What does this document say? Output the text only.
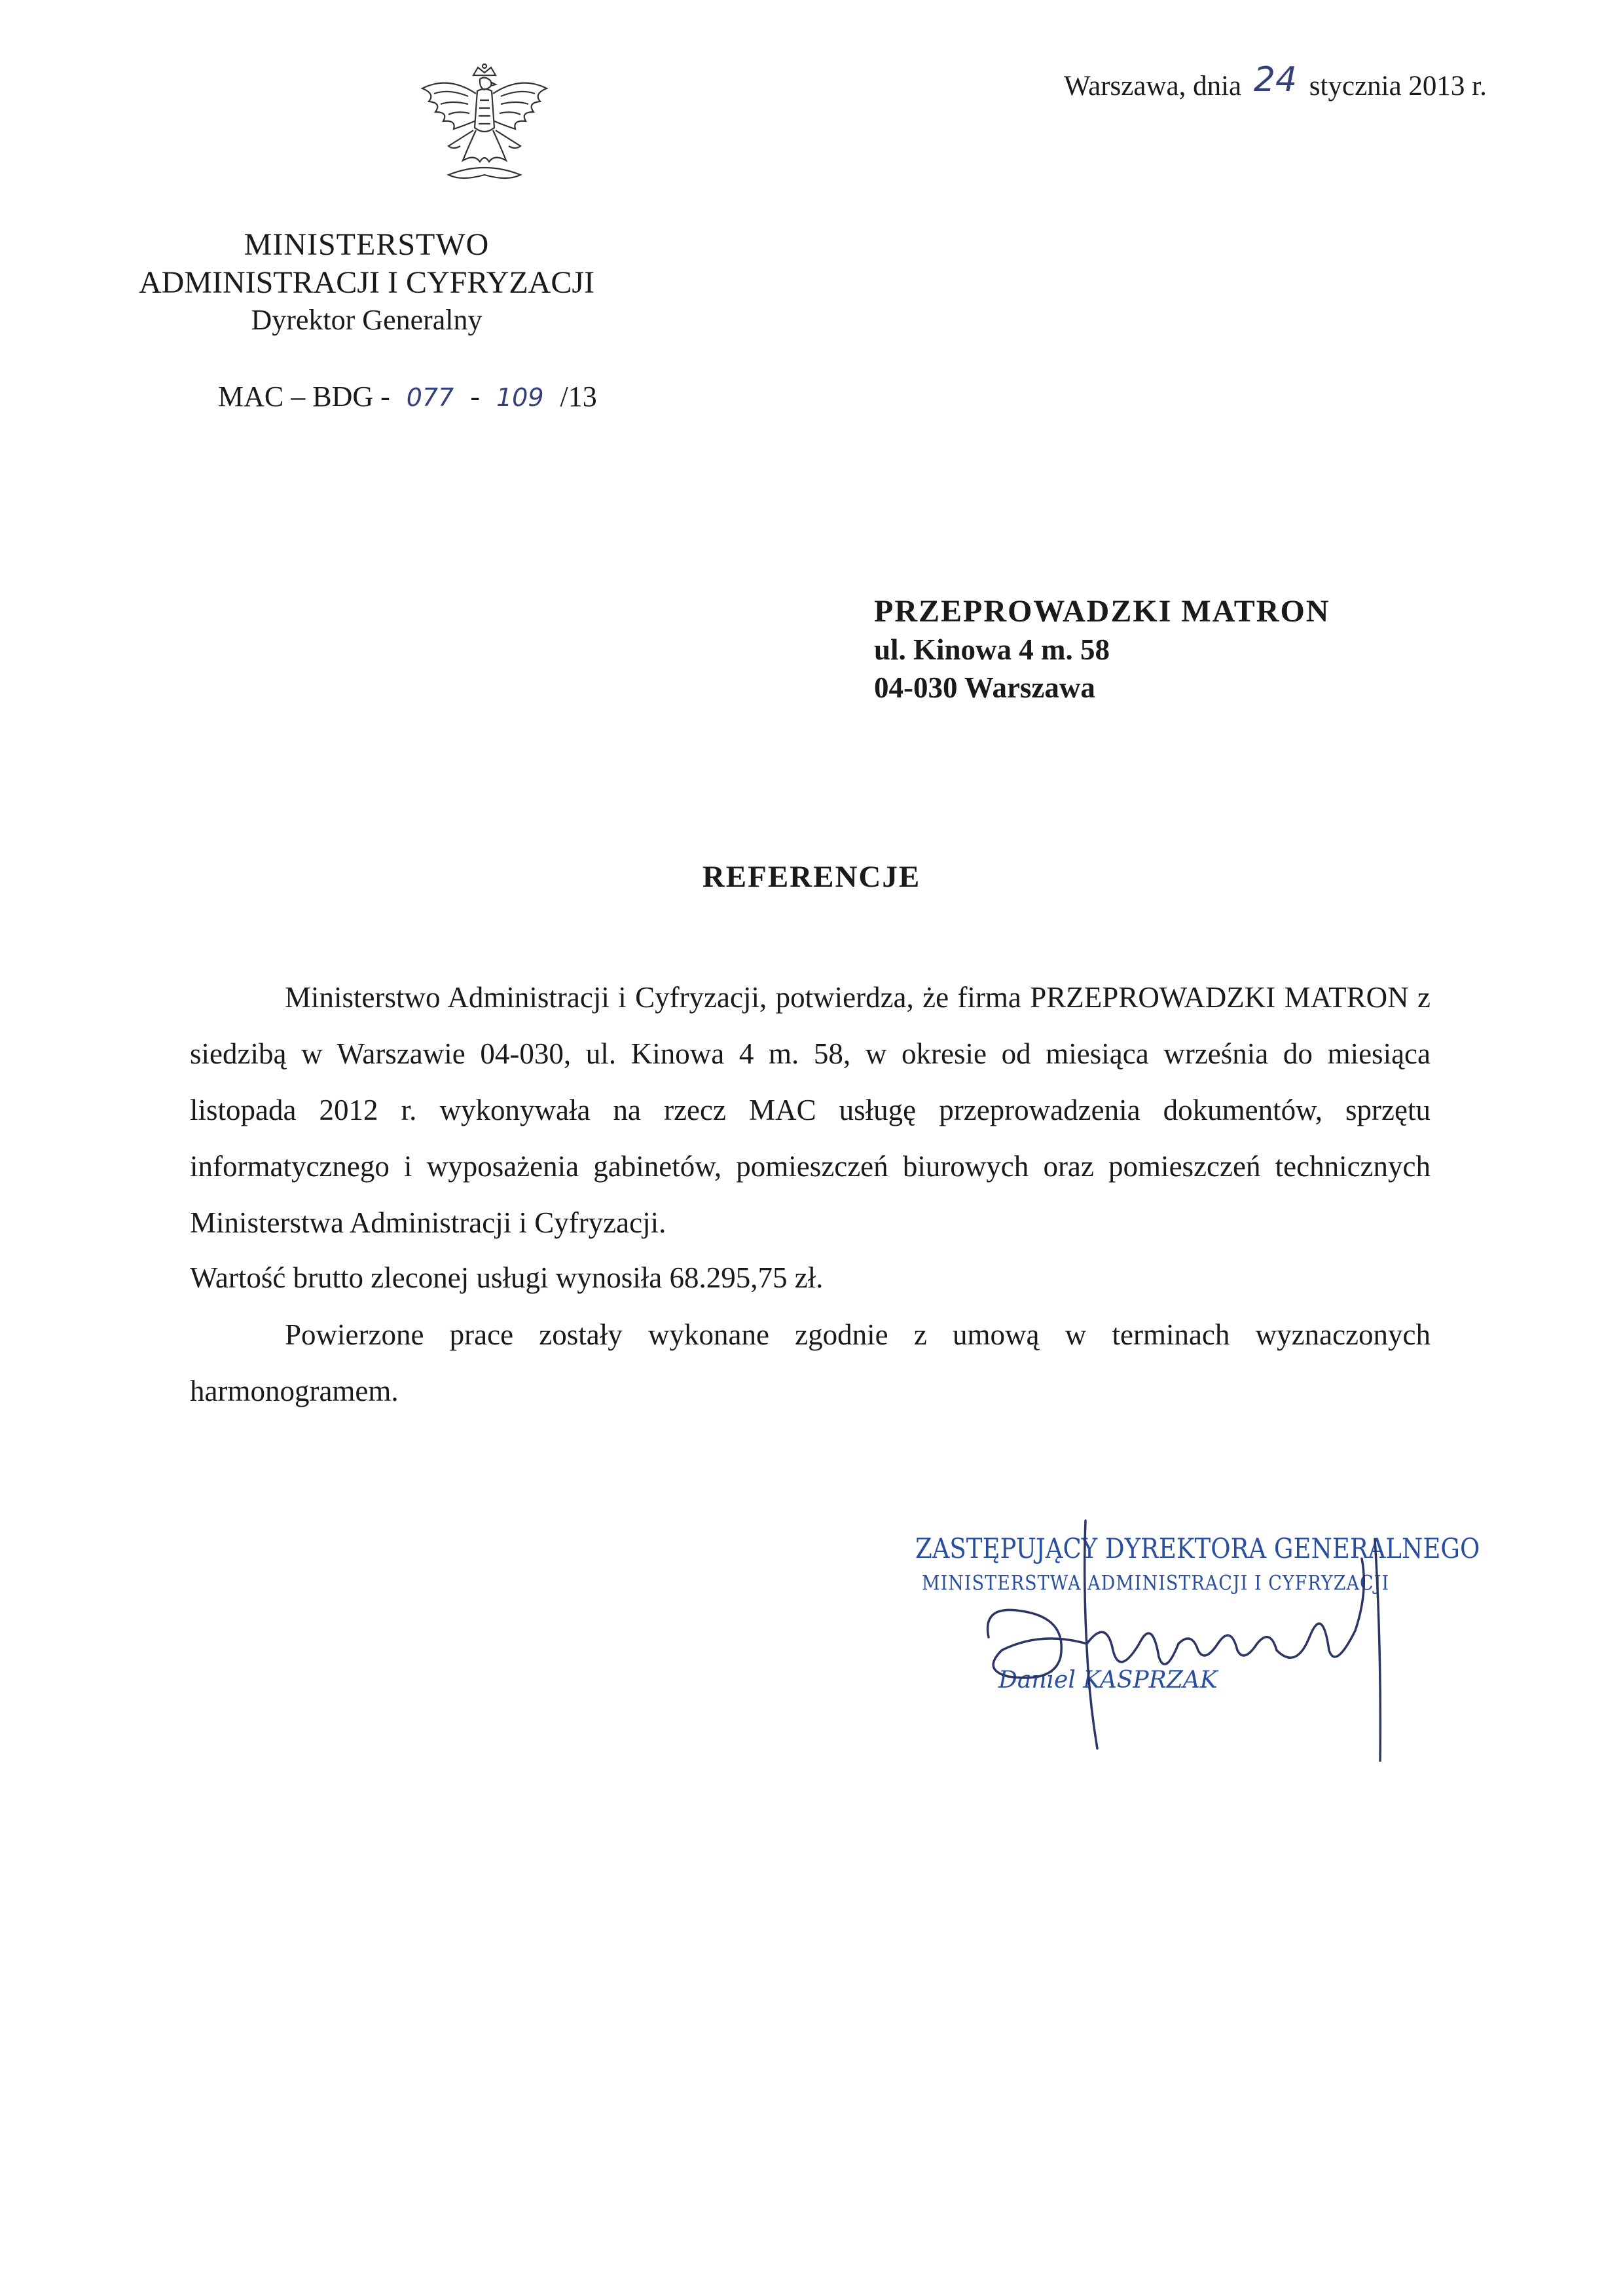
Warszawa, dnia 24 stycznia 2013 r.
MINISTERSTWO
ADMINISTRACJI I CYFRYZACJI
Dyrektor Generalny
MAC – BDG - 077 - 109 /13
PRZEPROWADZKI MATRON
ul. Kinowa 4 m. 58
04-030 Warszawa
REFERENCJE
Ministerstwo Administracji i Cyfryzacji, potwierdza, że firma PRZEPROWADZKI MATRON z siedzibą w Warszawie 04-030, ul. Kinowa 4 m. 58, w okresie od miesiąca września do miesiąca listopada 2012 r. wykonywała na rzecz MAC usługę przeprowadzenia dokumentów, sprzętu informatycznego i wyposażenia gabinetów, pomieszczeń biurowych oraz pomieszczeń technicznych Ministerstwa Administracji i Cyfryzacji.
Wartość brutto zleconej usługi wynosiła 68.295,75 zł.
Powierzone prace zostały wykonane zgodnie z umową w terminach wyznaczonych harmonogramem.
ZASTĘPUJĄCY DYREKTORA GENERALNEGO
MINISTERSTWA ADMINISTRACJI I CYFRYZACJI
Daniel KASPRZAK
